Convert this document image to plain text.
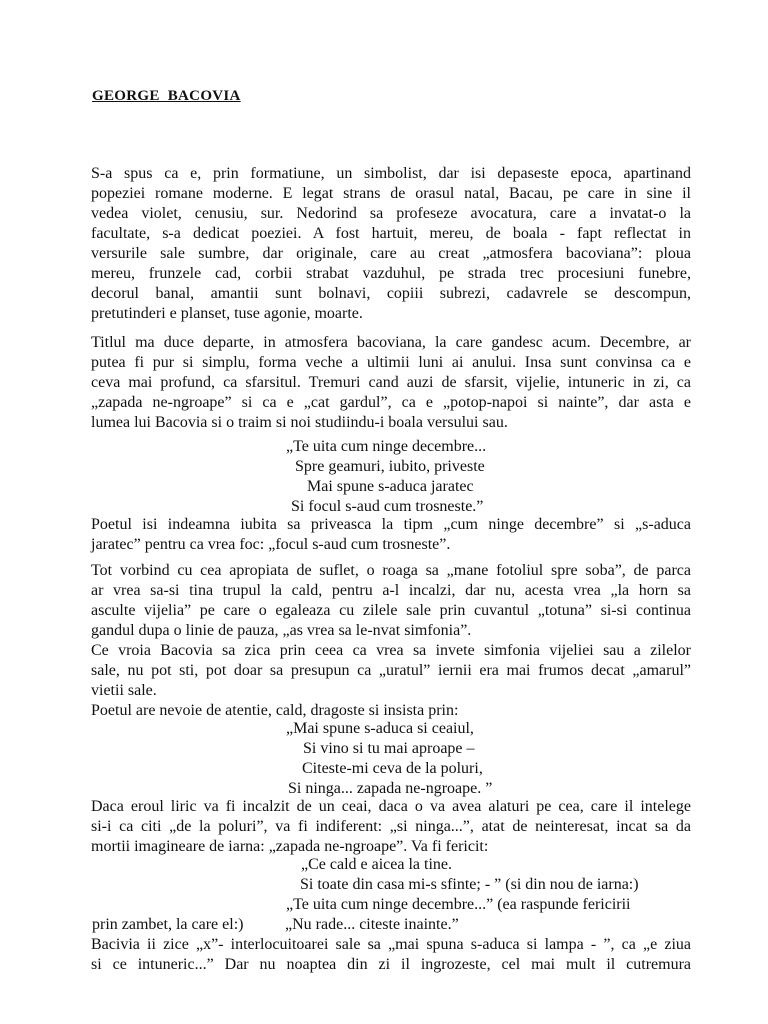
GEORGE  BACOVIA
S-a spus ca e, prin formatiune, un simbolist, dar isi depaseste epoca, apartinand
popeziei romane moderne. E legat strans de orasul natal, Bacau, pe care in sine il
vedea violet, cenusiu, sur. Nedorind sa profeseze avocatura, care a invatat-o la
facultate, s-a dedicat poeziei. A fost hartuit, mereu, de boala - fapt reflectat in
versurile sale sumbre, dar originale, care au creat „atmosfera bacoviana”: ploua
mereu, frunzele cad, corbii strabat vazduhul, pe strada trec procesiuni funebre,
decorul banal, amantii sunt bolnavi, copiii subrezi, cadavrele se descompun,
pretutinderi e planset, tuse agonie, moarte.
Titlul ma duce departe, in atmosfera bacoviana, la care gandesc acum. Decembre, ar
putea fi pur si simplu, forma veche a ultimii luni ai anului. Insa sunt convinsa ca e
ceva mai profund, ca sfarsitul. Tremuri cand auzi de sfarsit, vijelie, intuneric in zi, ca
„zapada ne-ngroape” si ca e „cat gardul”, ca e „potop-napoi si nainte”, dar asta e
lumea lui Bacovia si o traim si noi studiindu-i boala versului sau.
„Te uita cum ninge decembre...
Spre geamuri, iubito, priveste
Mai spune s-aduca jaratec
Si focul s-aud cum trosneste.”
Poetul isi indeamna iubita sa priveasca la tipm „cum ninge decembre” si „s-aduca
jaratec” pentru ca vrea foc: „focul s-aud cum trosneste”.
Tot vorbind cu cea apropiata de suflet, o roaga sa „mane fotoliul spre soba”, de parca
ar vrea sa-si tina trupul la cald, pentru a-l incalzi, dar nu, acesta vrea „la horn sa
asculte vijelia” pe care o egaleaza cu zilele sale prin cuvantul „totuna” si-si continua
gandul dupa o linie de pauza, „as vrea sa le-nvat simfonia”.
Ce vroia Bacovia sa zica prin ceea ca vrea sa invete simfonia vijeliei sau a zilelor
sale, nu pot sti, pot doar sa presupun ca „uratul” iernii era mai frumos decat „amarul”
vietii sale.
Poetul are nevoie de atentie, cald, dragoste si insista prin:
„Mai spune s-aduca si ceaiul,
Si vino si tu mai aproape –
Citeste-mi ceva de la poluri,
Si ninga... zapada ne-ngroape. ”
Daca eroul liric va fi incalzit de un ceai, daca o va avea alaturi pe cea, care il intelege
si-i ca citi „de la poluri”, va fi indiferent: „si ninga...”, atat de neinteresat, incat sa da
mortii imagineare de iarna: „zapada ne-ngroape”. Va fi fericit:
„Ce cald e aicea la tine.
Si toate din casa mi-s sfinte; - ” (si din nou de iarna:)
„Te uita cum ninge decembre...” (ea raspunde fericirii
prin zambet, la care el:)	„Nu rade... citeste inainte.”
Bacivia ii zice „x”- interlocuitoarei sale sa „mai spuna s-aduca si lampa - ”, ca „e ziua
si ce intuneric...” Dar nu noaptea din zi il ingrozeste, cel mai mult il cutremura
